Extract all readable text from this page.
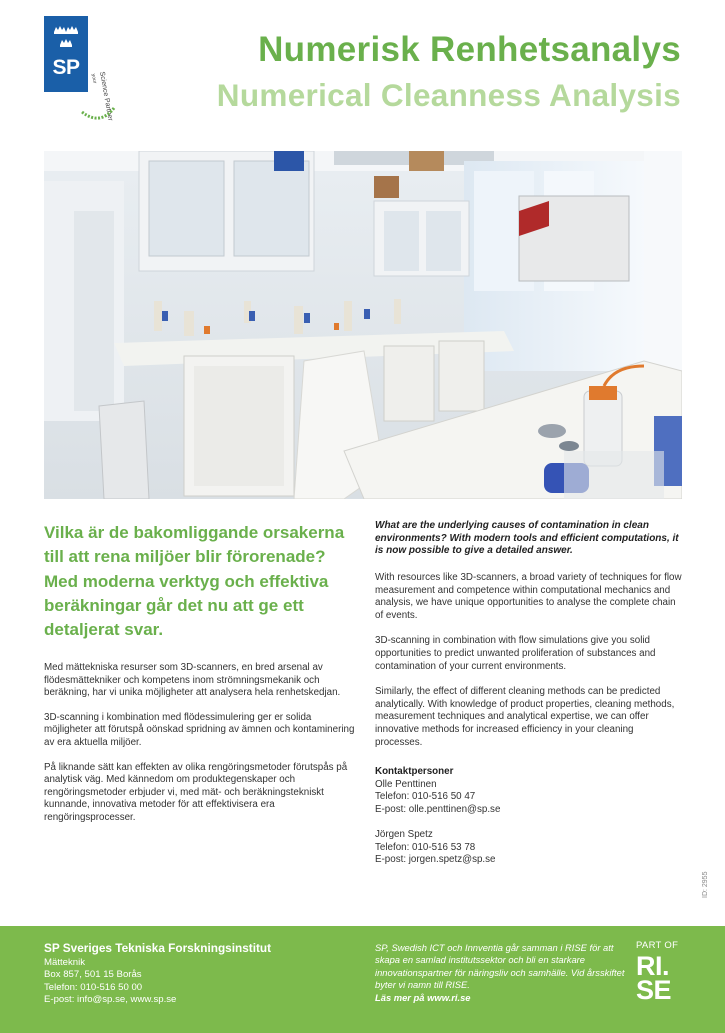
SP	your Science Partner
Numerisk Renhetsanalys
Numerical Cleanness Analysis
Vilka är de bakomliggande orsakerna till att rena miljöer blir förorenade? Med moderna verktyg och effektiva beräkningar går det nu att ge ett detaljerat svar.

Med mättekniska resurser som 3D-scanners, en bred arsenal av flödesmättekniker och kompetens inom strömningsmekanik och beräkning, har vi unika möjligheter att analysera hela renhetskedjan.

3D-scanning i kombination med flödessimulering ger er solida möjligheter att förutspå oönskad spridning av ämnen och kontaminering av era aktuella miljöer.

På liknande sätt kan effekten av olika rengöringsmetoder förutspås på analytisk väg. Med kännedom om produktegenskaper och rengöringsmetoder erbjuder vi, med mät- och beräkningstekniskt kunnande, innovativa metoder för att effektivisera era rengöringsprocesser.

What are the underlying causes of contamination in clean environments? With modern tools and efficient computations, it is now possible to give a detailed answer.

With resources like 3D-scanners, a broad variety of techniques for flow measurement and competence within computational mechanics and analysis, we have unique opportunities to analyse the complete chain of events.

3D-scanning in combination with flow simulations give you solid opportunities to predict unwanted proliferation of substances and contamination of your current environments.

Similarly, the effect of different cleaning methods can be predicted analytically. With knowledge of product properties, cleaning methods, measurement techniques and analytical expertise, we can offer innovative methods for increased efficiency in your cleaning processes.

Kontaktpersoner
Olle Penttinen
Telefon: 010-516 50 47
E-post: olle.penttinen@sp.se
Jörgen Spetz
Telefon: 010-516 53 78
E-post: jorgen.spetz@sp.se
ID: 2955
SP Sveriges Tekniska Forskningsinstitut
Mätteknik
Box 857, 501 15 Borås
Telefon: 010-516 50 00
E-post: info@sp.se, www.sp.se
SP, Swedish ICT och Innventia går samman i RISE för att skapa en samlad institutssektor och bli en starkare innovationspartner för näringsliv och samhälle. Vid årsskiftet byter vi namn till RISE.
Läs mer på www.ri.se
PART OF
RI.
SE
